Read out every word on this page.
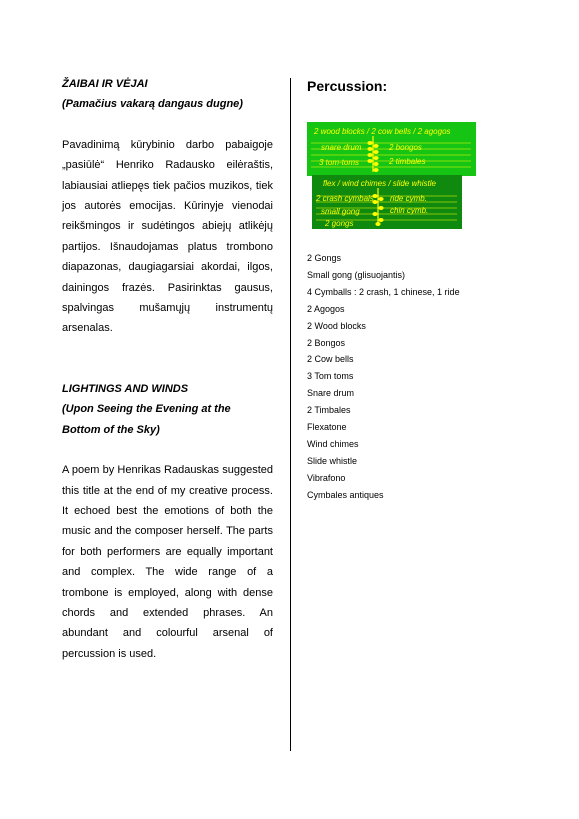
ŽAIBAI IR VĖJAI

(Pamačius vakarą dangaus dugne)

Pavadinimą kūrybinio darbo pabaigoje „pasiūlė“ Henriko Radausko eilėraštis, labiausiai atliepęs tiek pačios muzikos, tiek jos autorės emocijas. Kūrinyje vienodai reikšmingos ir sudėtingos abiejų atlikėjų partijos. Išnaudojamas platus trombono diapazonas, daugiagarsiai akordai, ilgos, dainingos frazės. Pasirinktas gausus, spalvingas mušamųjų instrumentų arsenalas.

LIGHTINGS AND WINDS

(Upon Seeing the Evening at the

Bottom of the Sky)

A poem by Henrikas Radauskas suggested this title at the end of my creative process. It echoed best the emotions of both the music and the composer herself. The parts for both performers are equally important and complex. The wide range of a trombone is employed, along with dense chords and extended phrases. An abundant and colourful arsenal of percussion is used.

Percussion:

2 wood blocks / 2 cow bells / 2 agogos
snare drum
3 tom-toms
2 bongos
2 timbales
flex / wind chimes / slide whistle
2 crash cymbals
small gong
2 gongs
ride cymb.
chin cymb.
2 Gongs
Small gong (glisuojantis)
4 Cymballs : 2 crash, 1 chinese, 1 ride
2 Agogos
2 Wood blocks
2 Bongos
2 Cow bells
3 Tom toms
Snare drum
2 Timbales
Flexatone
Wind chimes
Slide whistle
Vibrafono
Cymbales antiques
